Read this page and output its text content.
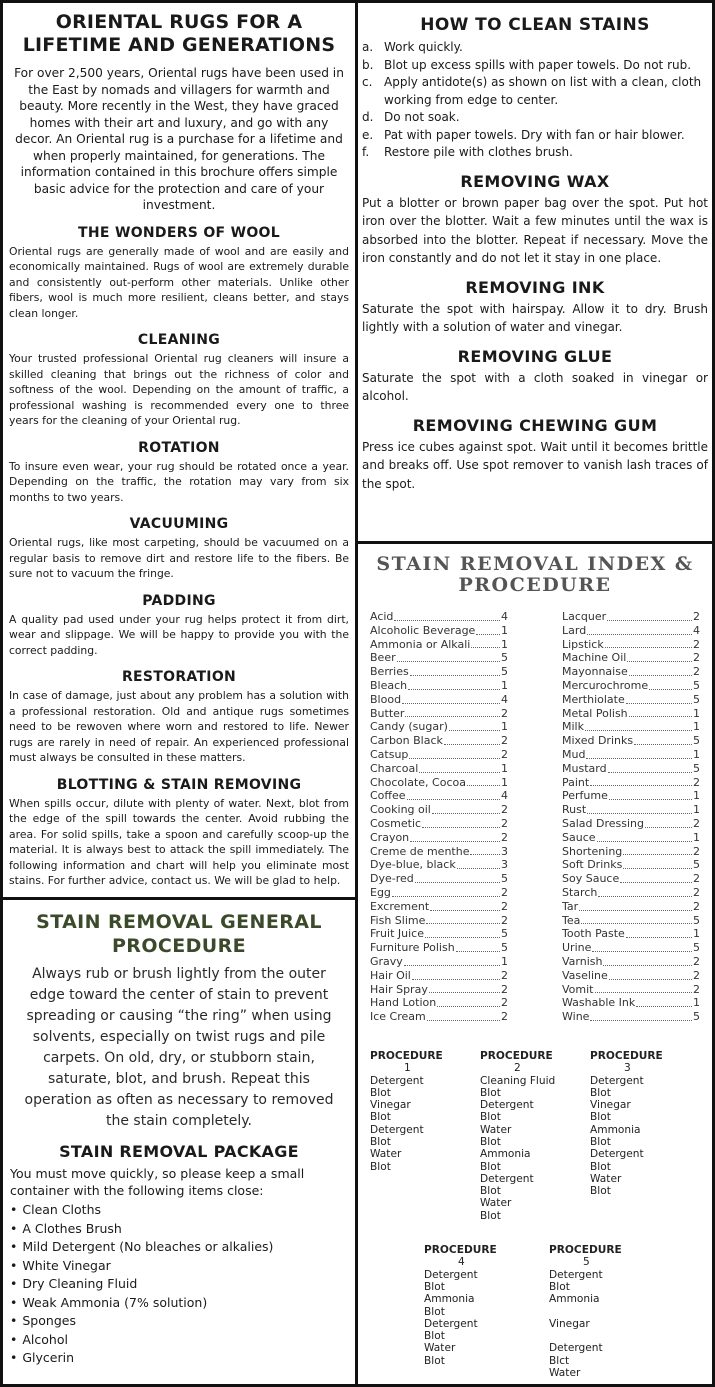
ORIENTAL RUGS FOR A LIFETIME AND GENERATIONS
For over 2,500 years, Oriental rugs have been used in the East by nomads and villagers for warmth and beauty. More recently in the West, they have graced homes with their art and luxury, and go with any decor. An Oriental rug is a purchase for a lifetime and when properly maintained, for generations. The information contained in this brochure offers simple basic advice for the protection and care of your investment.
THE WONDERS OF WOOL
Oriental rugs are generally made of wool and are easily and economically maintained. Rugs of wool are extremely durable and consistently out-perform other materials. Unlike other fibers, wool is much more resilient, cleans better, and stays clean longer.
CLEANING
Your trusted professional Oriental rug cleaners will insure a skilled cleaning that brings out the richness of color and softness of the wool. Depending on the amount of traffic, a professional washing is recommended every one to three years for the cleaning of your Oriental rug.
ROTATION
To insure even wear, your rug should be rotated once a year. Depending on the traffic, the rotation may vary from six months to two years.
VACUUMING
Oriental rugs, like most carpeting, should be vacuumed on a regular basis to remove dirt and restore life to the fibers. Be sure not to vacuum the fringe.
PADDING
A quality pad used under your rug helps protect it from dirt, wear and slippage. We will be happy to provide you with the correct padding.
RESTORATION
In case of damage, just about any problem has a solution with a professional restoration. Old and antique rugs sometimes need to be rewoven where worn and restored to life. Newer rugs are rarely in need of repair. An experienced professional must always be consulted in these matters.
BLOTTING & STAIN REMOVING
When spills occur, dilute with plenty of water. Next, blot from the edge of the spill towards the center. Avoid rubbing the area. For solid spills, take a spoon and carefully scoop-up the material. It is always best to attack the spill immediately. The following information and chart will help you eliminate most stains. For further advice, contact us. We will be glad to help.
STAIN REMOVAL GENERAL PROCEDURE
Always rub or brush lightly from the outer edge toward the center of stain to prevent spreading or causing “the ring” when using solvents, especially on twist rugs and pile carpets. On old, dry, or stubborn stain, saturate, blot, and brush. Repeat this operation as often as necessary to removed the stain completely.
STAIN REMOVAL PACKAGE
You must move quickly, so please keep a small container with the following items close:
• Clean Cloths
• A Clothes Brush
• Mild Detergent (No bleaches or alkalies)
• White Vinegar
• Dry Cleaning Fluid
• Weak Ammonia (7% solution)
• Sponges
• Alcohol
• Glycerin
HOW TO CLEAN STAINS
a. Work quickly.
b. Blot up excess spills with paper towels. Do not rub.
c. Apply antidote(s) as shown on list with a clean, cloth working from edge to center.
d. Do not soak.
e. Pat with paper towels. Dry with fan or hair blower.
f.	Restore pile with clothes brush.
REMOVING WAX
Put a blotter or brown paper bag over the spot. Put hot iron over the blotter. Wait a few minutes until the wax is absorbed into the blotter. Repeat if necessary. Move the iron constantly and do not let it stay in one place.
REMOVING INK
Saturate the spot with hairspay. Allow it to dry. Brush lightly with a solution of water and vinegar.
REMOVING GLUE
Saturate the spot with a cloth soaked in vinegar or alcohol.
REMOVING CHEWING GUM
Press ice cubes against spot. Wait until it becomes brittle and breaks off. Use spot remover to vanish lash traces of the spot.
STAIN REMOVAL INDEX & PROCEDURE
Acid	4
Alcoholic Beverage 1
Ammonia or Alkali	1
Beer	5
Berries	5
Bleach	1
Blood	4
Butter	2
Candy (sugar)	1
Carbon Black	2
Catsup	2
Charcoal	1
Chocolate, Cocoa	1
Coffee	4
Cooking oil	2
Cosmetic	2
Crayon	2
Creme de menthe	3
Dye-blue, black	3
Dye-red	5
Egg	2
Excrement	2
Fish Slime	2
Fruit Juice	5
Furniture Polish	5
Gravy	1
Hair Oil	2
Hair Spray	2
Hand Lotion	2
Ice Cream	2
Lacquer	2
Lard	4
Lipstick	2
Machine Oil	2
Mayonnaise	2
Mercurochrome	5
Merthiolate	5
Metal Polish	1
Milk	1
Mixed Drinks	5
Mud	1
Mustard	5
Paint	2
Perfume	1
Rust	1
Salad Dressing	2
Sauce	1
Shortening	2
Soft Drinks	5
Soy Sauce	2
Starch	2
Tar	2
Tea	5
Tooth Paste	1
Urine	5
Varnish	2
Vaseline	2
Vomit	2
Washable Ink	1
Wine	5
PROCEDURE
1
Detergent
Blot
Vinegar
Blot
Detergent
Blot
Water
Blot
PROCEDURE
2
Cleaning Fluid
Blot
Detergent
Blot
Water
Blot
Ammonia
Blot
Detergent
Blot
Water
Blot
PROCEDURE
3
Detergent
Blot
Vinegar
Blot
Ammonia
Blot
Detergent
Blot
Water
Blot
PROCEDURE
4
Detergent
Blot
Ammonia
Blot
Detergent
Blot
Water
Blot
PROCEDURE
5
Detergent
Blot
Ammonia
Vinegar
Detergent
Blct
Water
